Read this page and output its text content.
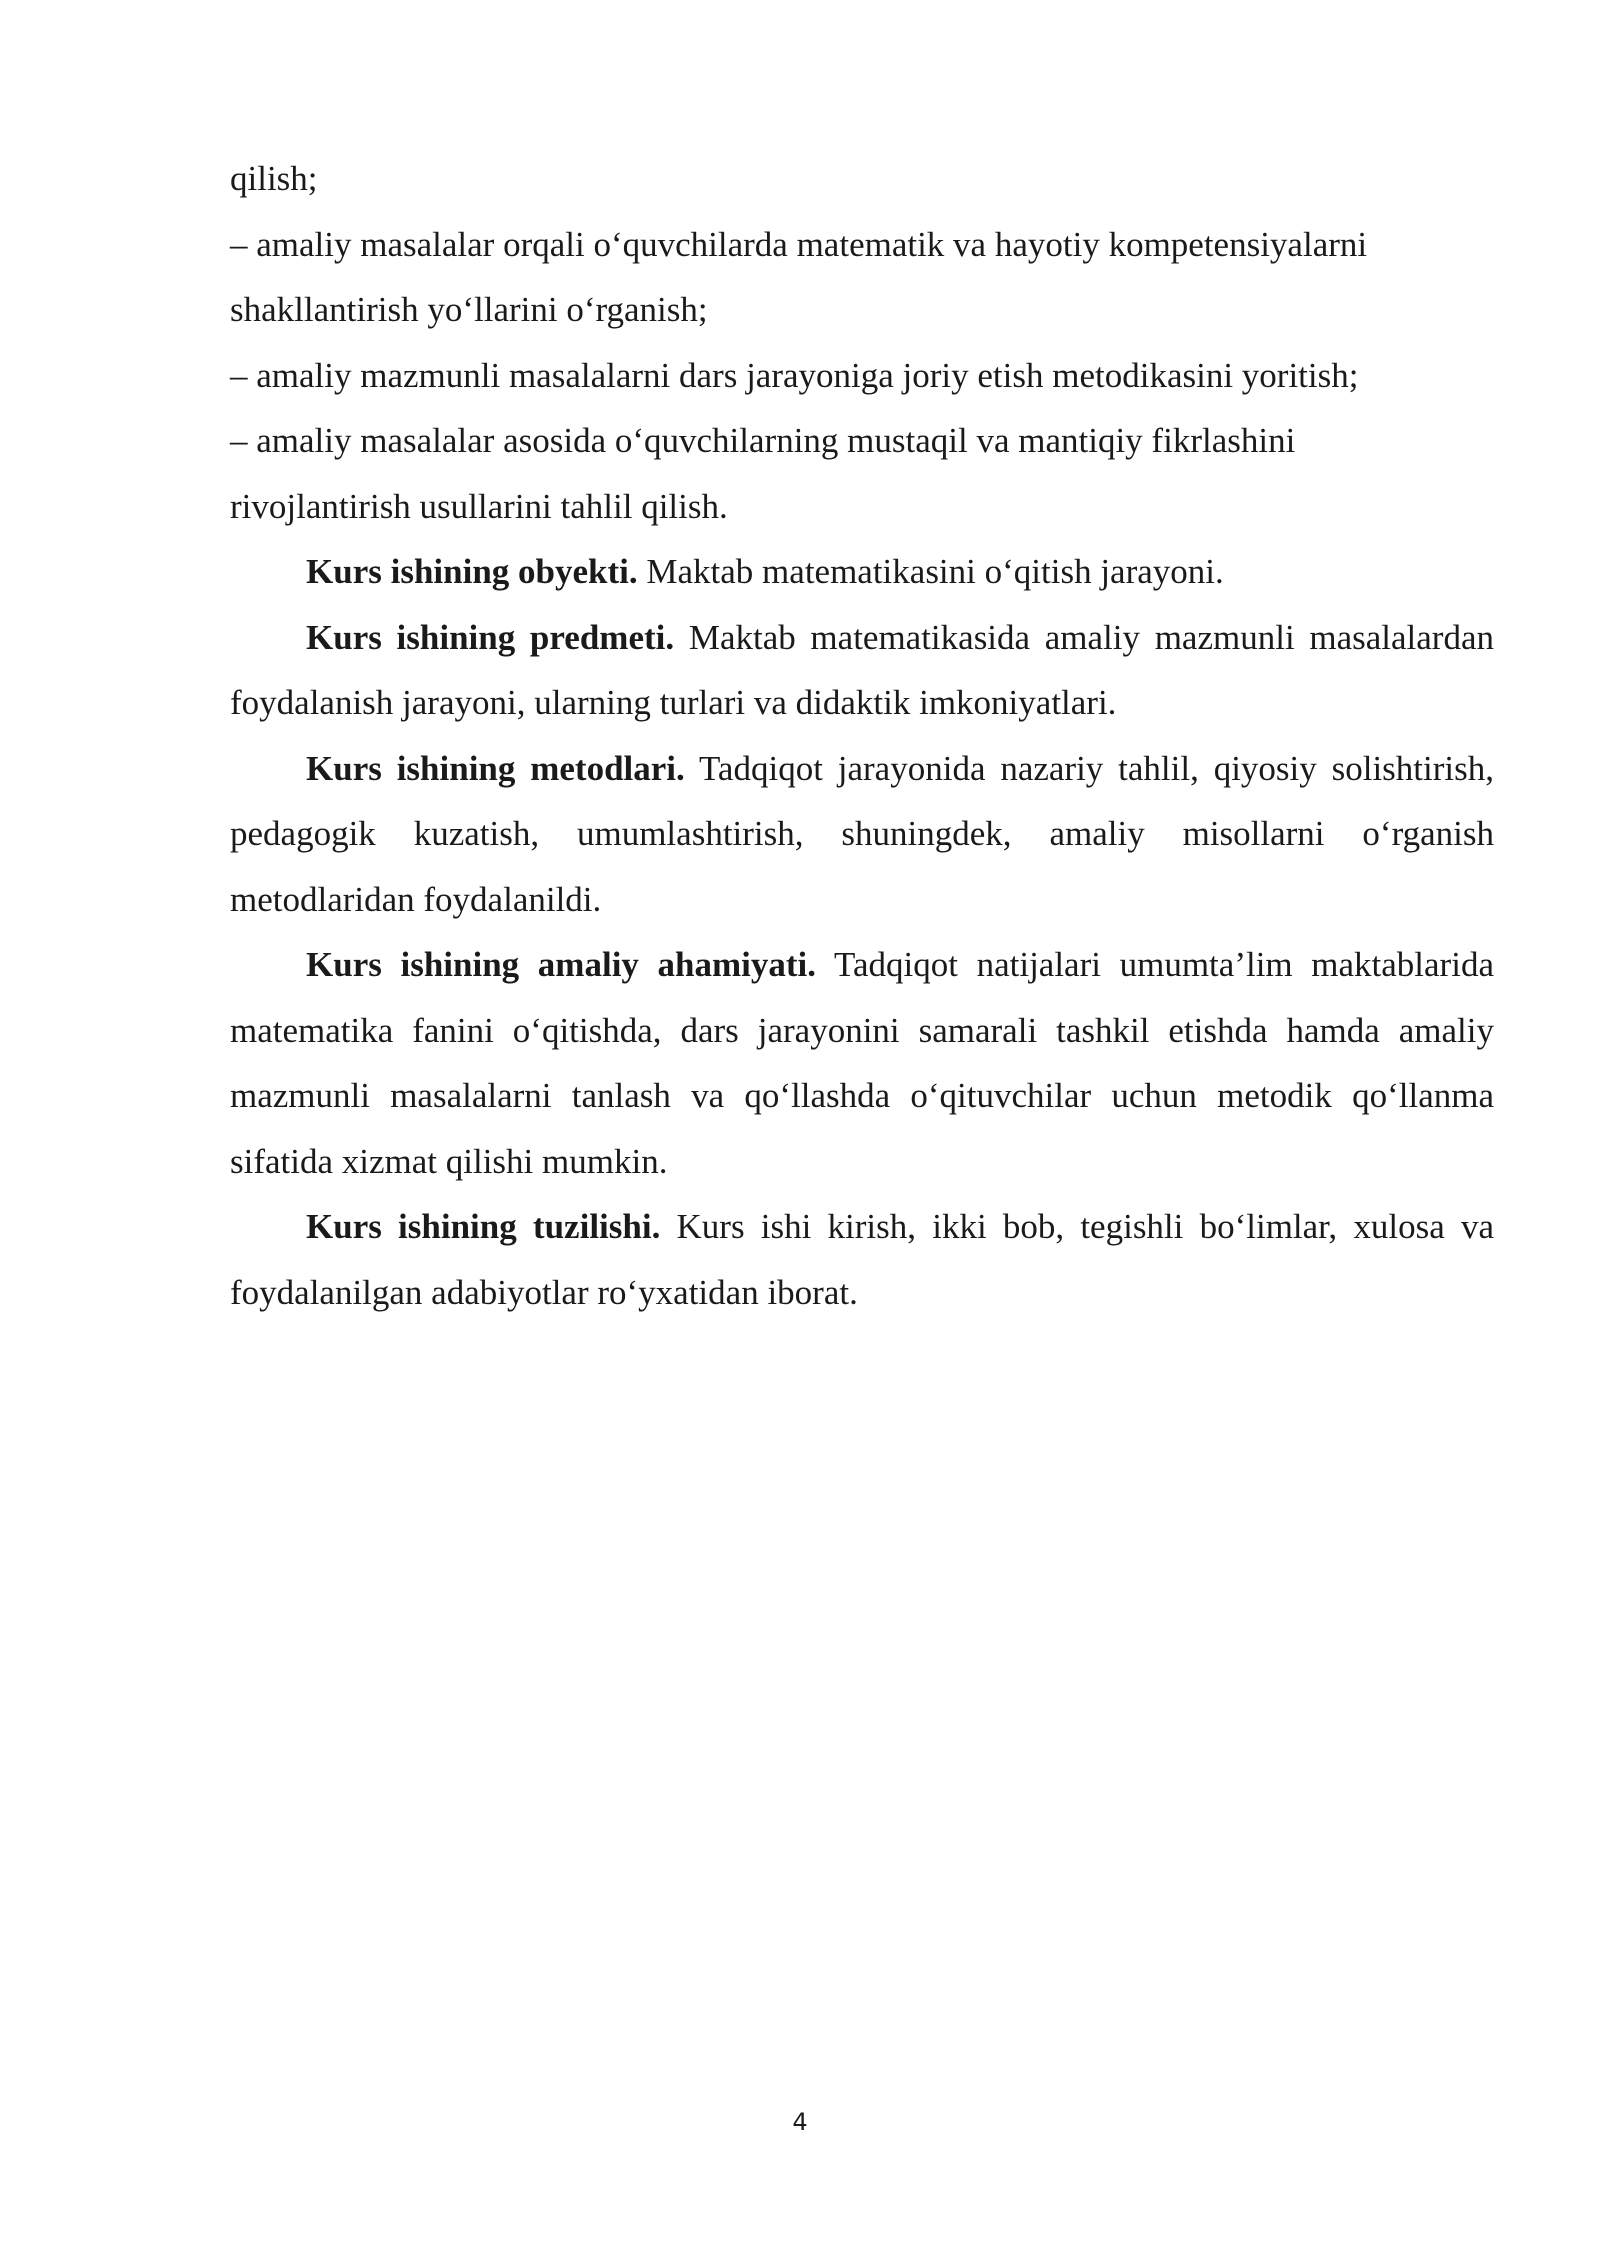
qilish;

– amaliy masalalar orqali o‘quvchilarda matematik va hayotiy kompetensiyalarni

shakllantirish yo‘llarini o‘rganish;

– amaliy mazmunli masalalarni dars jarayoniga joriy etish metodikasini yoritish;

– amaliy masalalar asosida o‘quvchilarning mustaqil va mantiqiy fikrlashini

rivojlantirish usullarini tahlil qilish.

Kurs ishining obyekti. Maktab matematikasini o‘qitish jarayoni.

Kurs ishining predmeti. Maktab matematikasida amaliy mazmunli masalalardan foydalanish jarayoni, ularning turlari va didaktik imkoniyatlari.

Kurs ishining metodlari. Tadqiqot jarayonida nazariy tahlil, qiyosiy solishtirish, pedagogik kuzatish, umumlashtirish, shuningdek, amaliy misollarni o‘rganish metodlaridan foydalanildi.

Kurs ishining amaliy ahamiyati. Tadqiqot natijalari umumta’lim maktablarida matematika fanini o‘qitishda, dars jarayonini samarali tashkil etishda hamda amaliy mazmunli masalalarni tanlash va qo‘llashda o‘qituvchilar uchun metodik qo‘llanma sifatida xizmat qilishi mumkin.

Kurs ishining tuzilishi. Kurs ishi kirish, ikki bob, tegishli bo‘limlar, xulosa va foydalanilgan adabiyotlar ro‘yxatidan iborat.

4
